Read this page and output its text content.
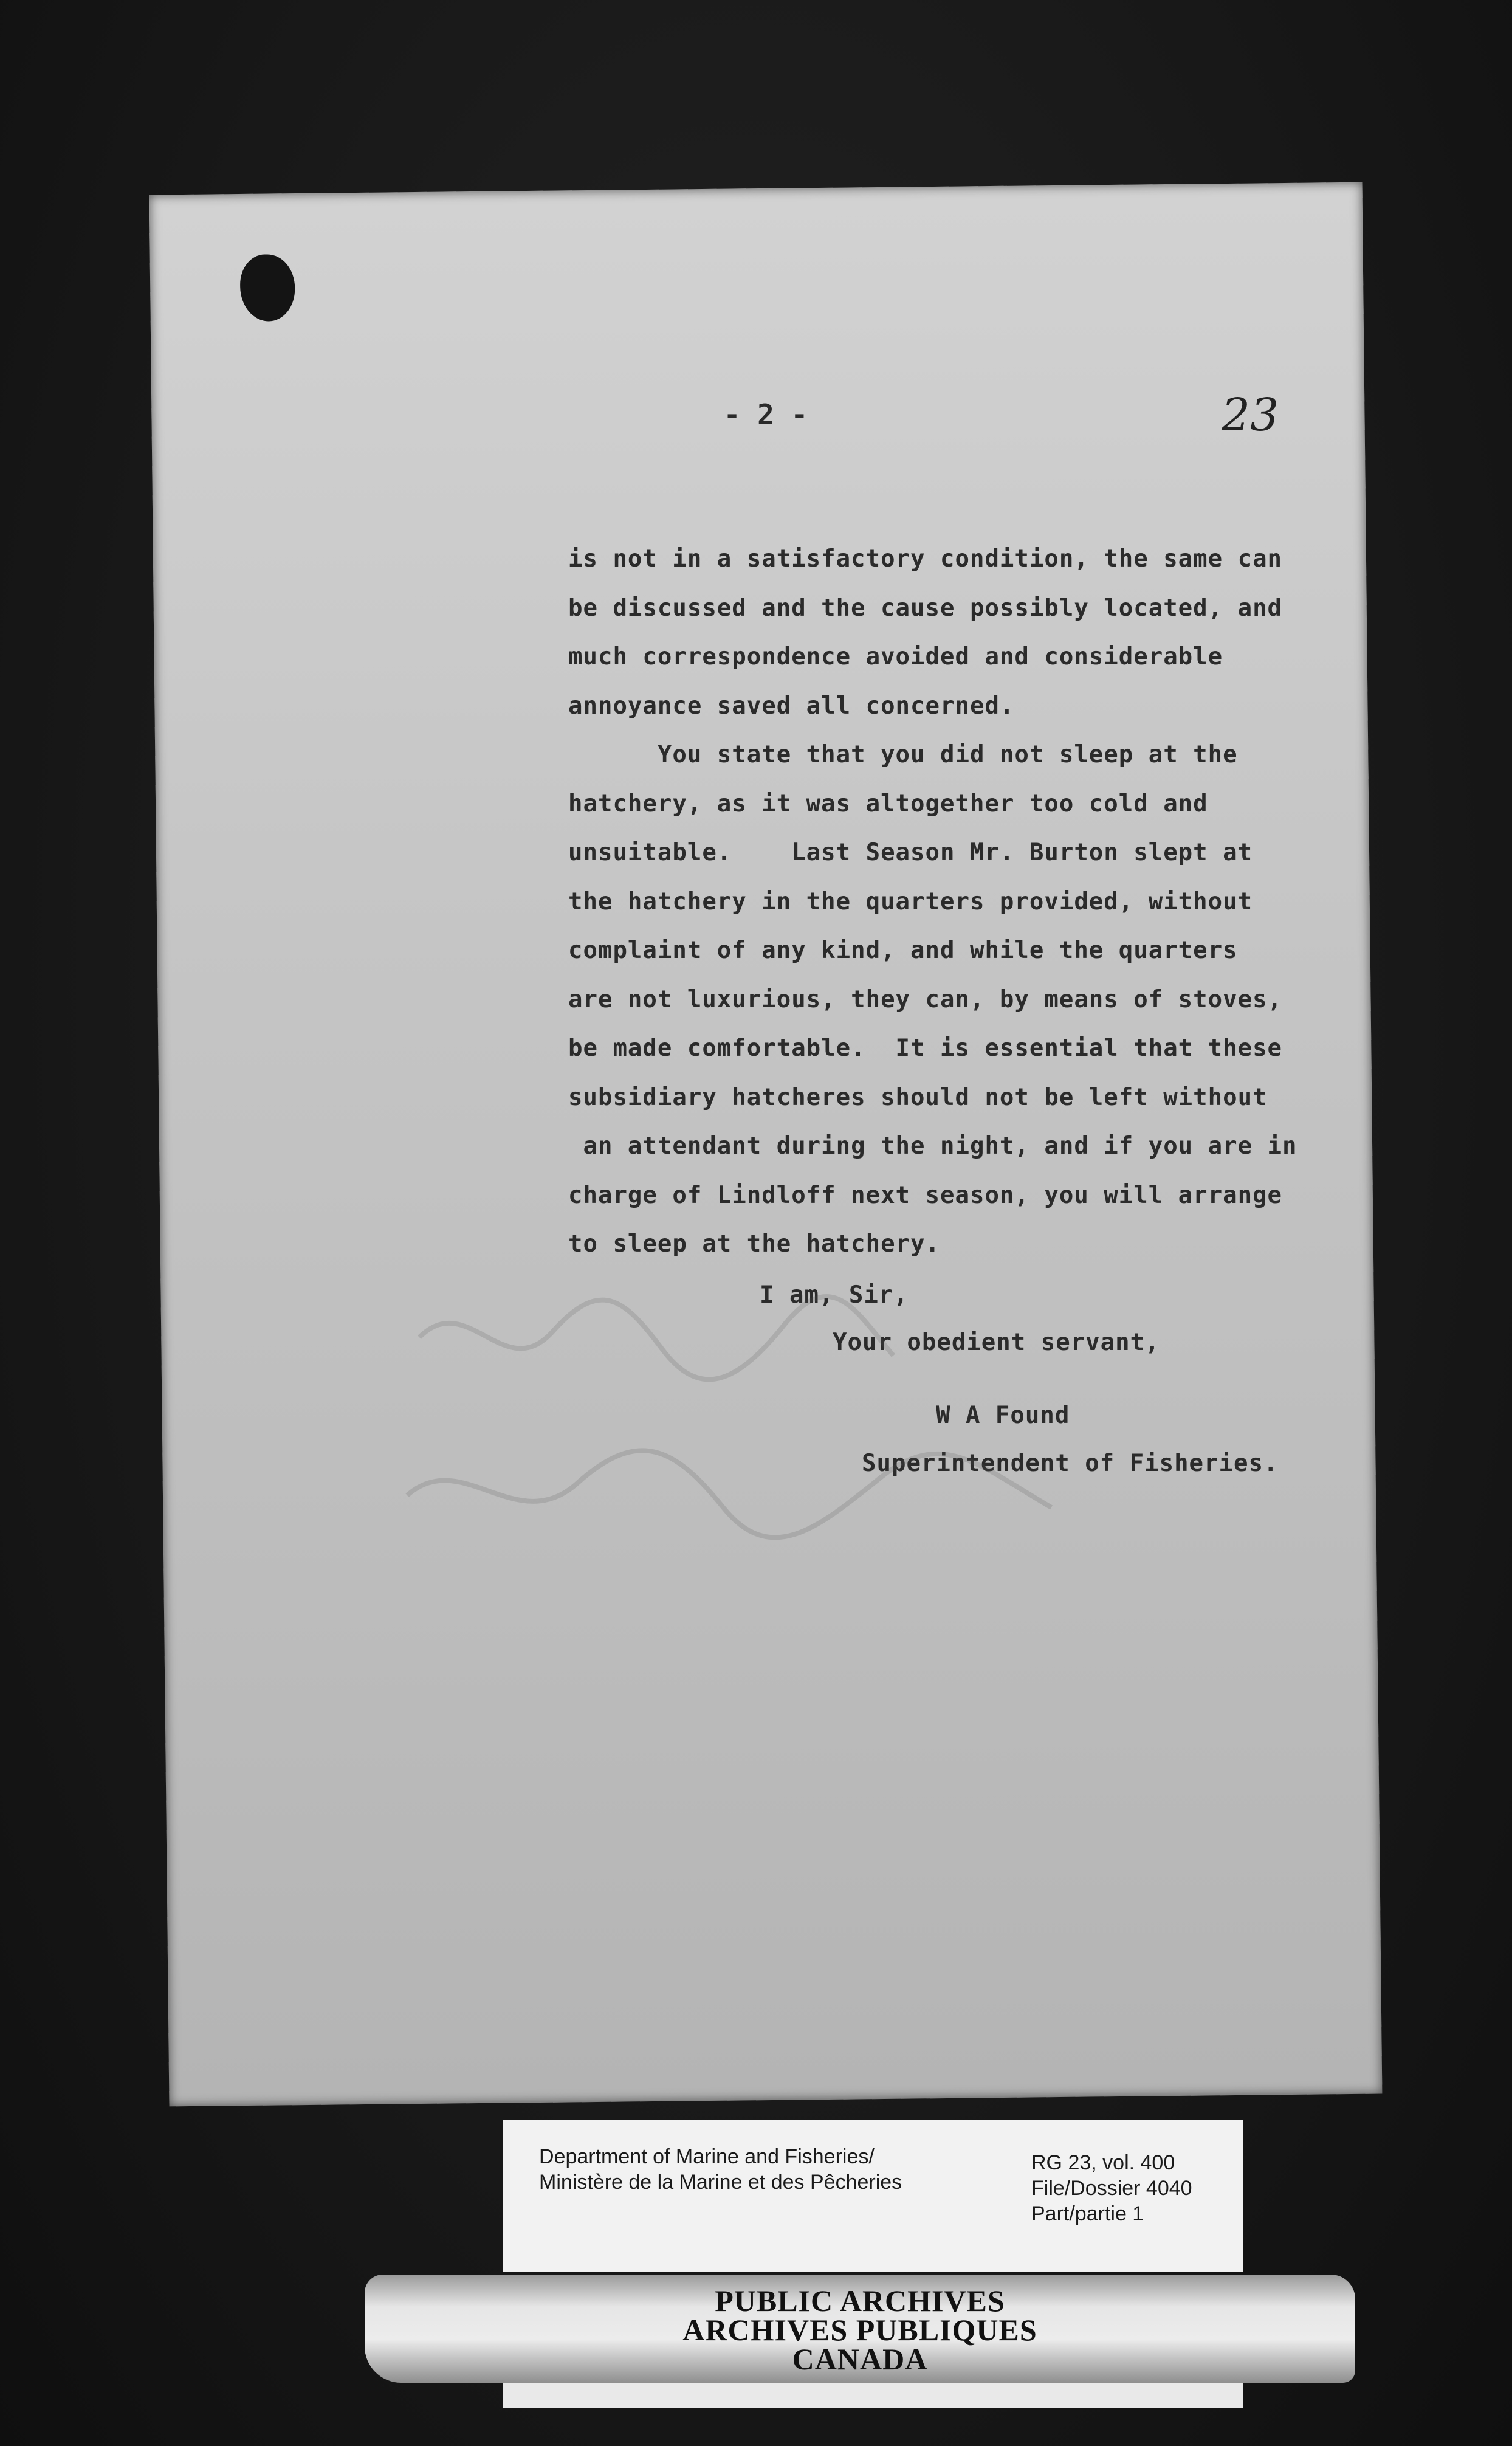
- 2 -	23
is not in a satisfactory condition, the same can
be discussed and the cause possibly located, and
much correspondence avoided and considerable
annoyance saved all concerned.
You state that you did not sleep at the
hatchery, as it was altogether too cold and
unsuitable.    Last Season Mr. Burton slept at
the hatchery in the quarters provided, without
complaint of any kind, and while the quarters
are not luxurious, they can, by means of stoves,
be made comfortable.  It is essential that these
subsidiary hatcheres should not be left without
an attendant during the night, and if you are in
charge of Lindloff next season, you will arrange
to sleep at the hatchery.
I am, Sir,
Your obedient servant,
W A Found
Superintendent of Fisheries.
Department of Marine and Fisheries/
Ministère de la Marine et des Pêcheries
RG 23, vol. 400
File/Dossier 4040
Part/partie 1
PUBLIC ARCHIVES
ARCHIVES PUBLIQUES
CANADA
